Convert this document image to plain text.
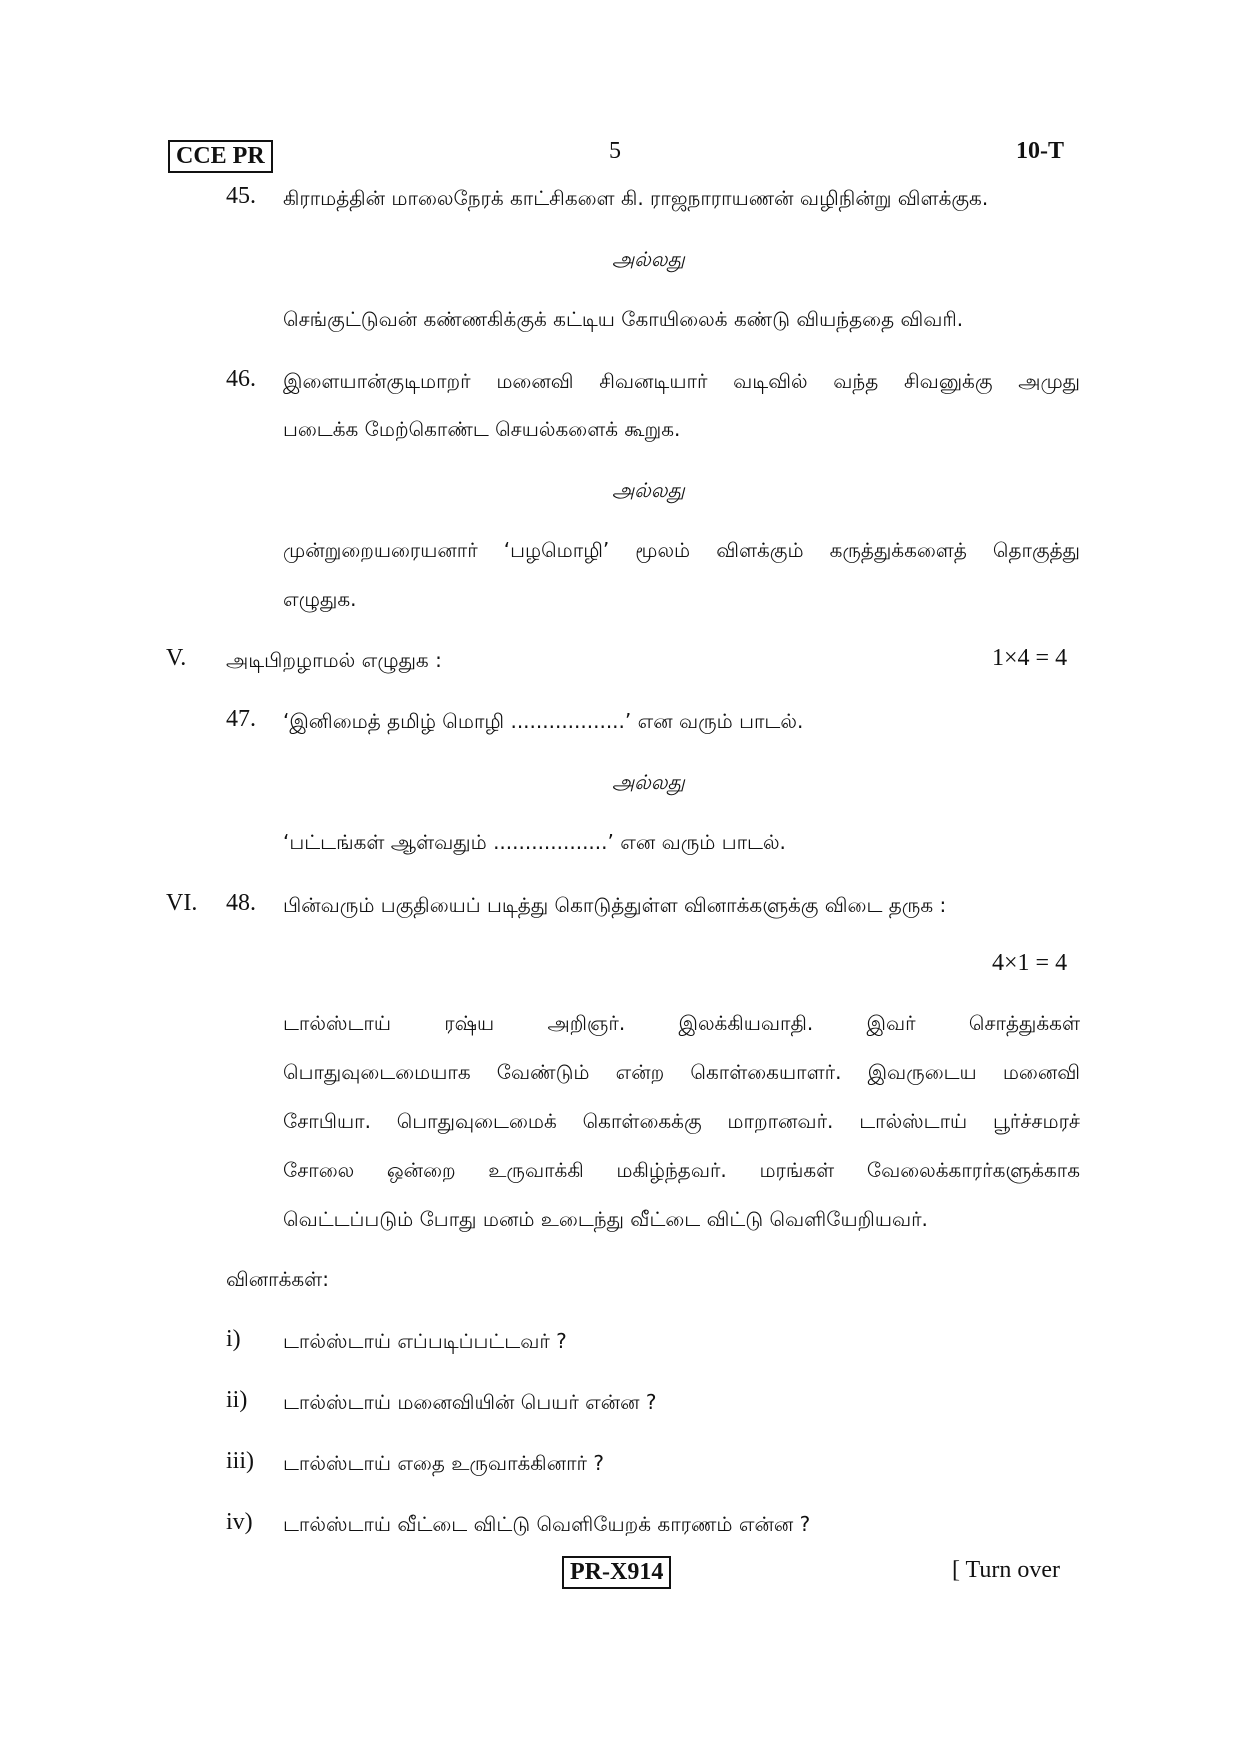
CCE PR	5	10-T
45. கிராமத்தின் மாலைநேரக் காட்சிகளை கி. ராஜநாராயணன் வழிநின்று விளக்குக.
அல்லது
செங்குட்டுவன் கண்ணகிக்குக் கட்டிய கோயிலைக் கண்டு வியந்ததை விவரி.
46. இளையான்குடிமாறர் மனைவி சிவனடியார் வடிவில் வந்த சிவனுக்கு அமுது
படைக்க மேற்கொண்ட செயல்களைக் கூறுக.
அல்லது
முன்றுறையரையனார் ‘பழமொழி’ மூலம் விளக்கும் கருத்துக்களைத் தொகுத்து
எழுதுக.
V. அடிபிறழாமல் எழுதுக :	1×4 = 4
47. ‘இனிமைத் தமிழ் மொழி ..................’ என வரும் பாடல்.
அல்லது
‘பட்டங்கள் ஆள்வதும் ..................’ என வரும் பாடல்.
VI. 48. பின்வரும் பகுதியைப் படித்து கொடுத்துள்ள வினாக்களுக்கு விடை தருக :
4×1 = 4
டால்ஸ்டாய் ரஷ்ய அறிஞர். இலக்கியவாதி. இவர் சொத்துக்கள்
பொதுவுடைமையாக வேண்டும் என்ற கொள்கையாளர். இவருடைய மனைவி
சோபியா. பொதுவுடைமைக் கொள்கைக்கு மாறானவர். டால்ஸ்டாய் பூர்ச்சமரச்
சோலை ஒன்றை உருவாக்கி மகிழ்ந்தவர். மரங்கள் வேலைக்காரர்களுக்காக
வெட்டப்படும் போது மனம் உடைந்து வீட்டை விட்டு வெளியேறியவர்.
வினாக்கள்:
i) டால்ஸ்டாய் எப்படிப்பட்டவர் ?
ii) டால்ஸ்டாய் மனைவியின் பெயர் என்ன ?
iii) டால்ஸ்டாய் எதை உருவாக்கினார் ?
iv) டால்ஸ்டாய் வீட்டை விட்டு வெளியேறக் காரணம் என்ன ?
PR-X914	[ Turn over
